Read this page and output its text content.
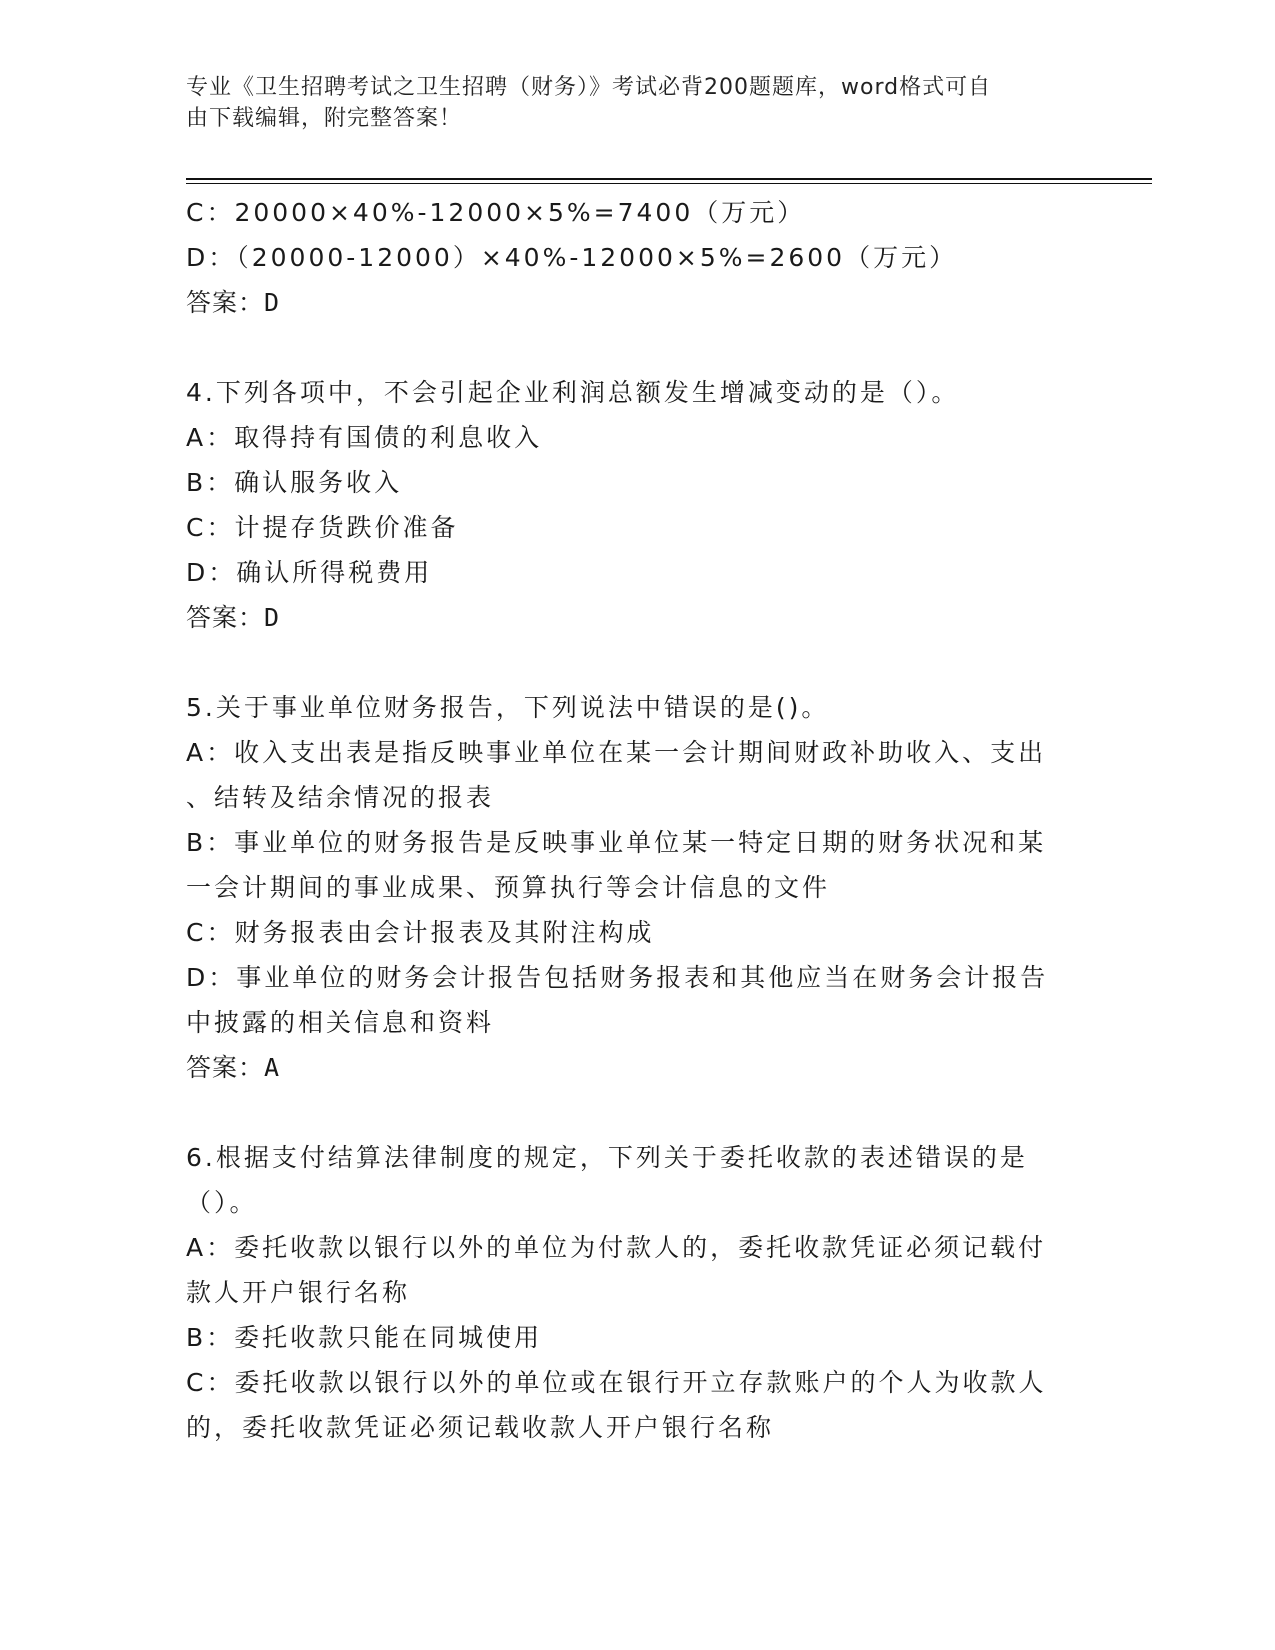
专业《卫生招聘考试之卫生招聘（财务）》考试必背200题题库，word格式可自
由下载编辑，附完整答案！
C：20000×40%-12000×5%=7400（万元）
D：（20000-12000）×40%-12000×5%=2600（万元）
答案：D
4.下列各项中，不会引起企业利润总额发生增减变动的是（）。
A：取得持有国债的利息收入
B：确认服务收入
C：计提存货跌价准备
D：确认所得税费用
答案：D
5.关于事业单位财务报告，下列说法中错误的是()。
A：收入支出表是指反映事业单位在某一会计期间财政补助收入、支出
、结转及结余情况的报表
B：事业单位的财务报告是反映事业单位某一特定日期的财务状况和某
一会计期间的事业成果、预算执行等会计信息的文件
C：财务报表由会计报表及其附注构成
D：事业单位的财务会计报告包括财务报表和其他应当在财务会计报告
中披露的相关信息和资料
答案：A
6.根据支付结算法律制度的规定，下列关于委托收款的表述错误的是
（）。
A：委托收款以银行以外的单位为付款人的，委托收款凭证必须记载付
款人开户银行名称
B：委托收款只能在同城使用
C：委托收款以银行以外的单位或在银行开立存款账户的个人为收款人
的，委托收款凭证必须记载收款人开户银行名称
